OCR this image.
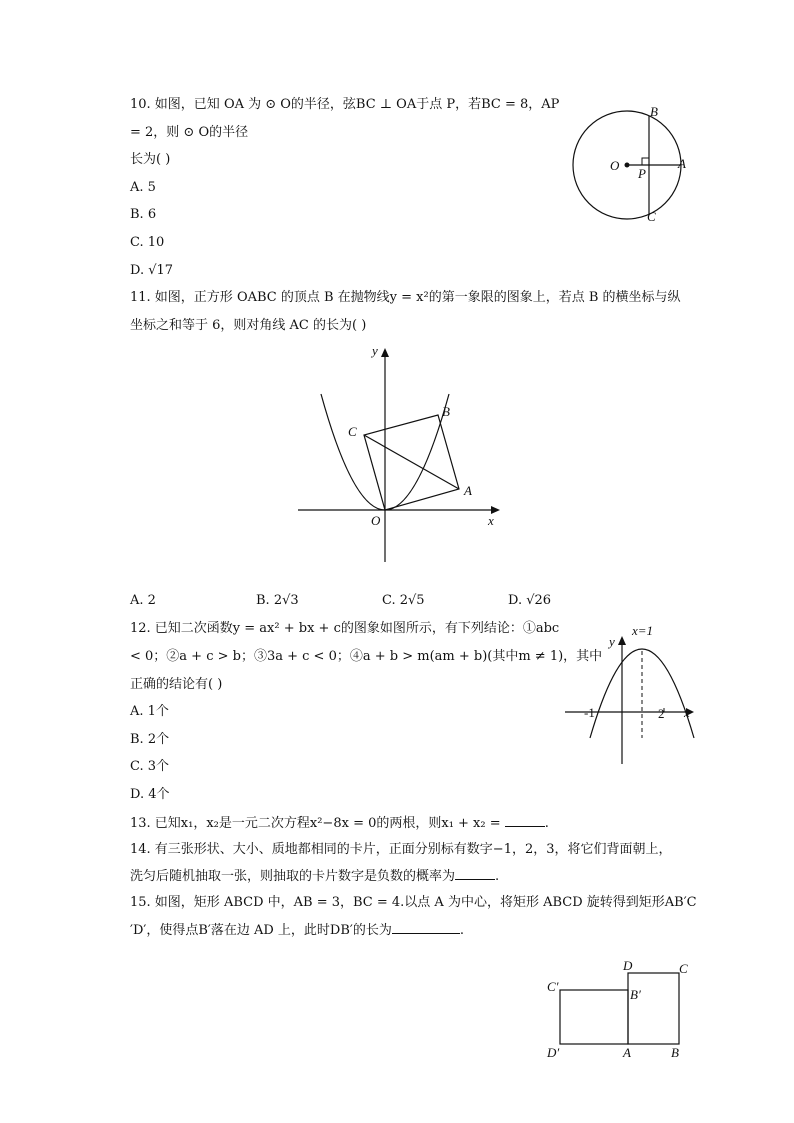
10. 如图，已知 OA 为 ⊙ O的半径，弦BC ⊥ OA于点 P，若BC = 8，AP
= 2，则 ⊙ O的半径
长为( )
A. 5
B. 6
C. 10
D. √17
B
O
P
A
C
11. 如图，正方形 OABC 的顶点 B 在抛物线y = x²的第一象限的图象上，若点 B 的横坐标与纵
坐标之和等于 6，则对角线 AC 的长为( )
y
x
O
A
B
C
A. 2	B. 2√3	C. 2√5	D. √26
12. 已知二次函数y = ax² + bx + c的图象如图所示，有下列结论：①abc
< 0；②a + c > b；③3a + c < 0；④a + b > m(am + b)(其中m ≠ 1)，其中
正确的结论有( )
A. 1个
B. 2个
C. 3个
D. 4个
x=1
y
x
-1	2
13. 已知x₁，x₂是一元二次方程x²−8x = 0的两根，则x₁ + x₂ =	.
14. 有三张形状、大小、质地都相同的卡片，正面分别标有数字−1，2，3，将它们背面朝上，
洗匀后随机抽取一张，则抽取的卡片数字是负数的概率为	.
15. 如图，矩形 ABCD 中，AB = 3，BC = 4.以点 A 为中心，将矩形 ABCD 旋转得到矩形AB′C
′D′，使得点B′落在边 AD 上，此时DB′的长为	.
D	C
C′
B′
D′	A	B
